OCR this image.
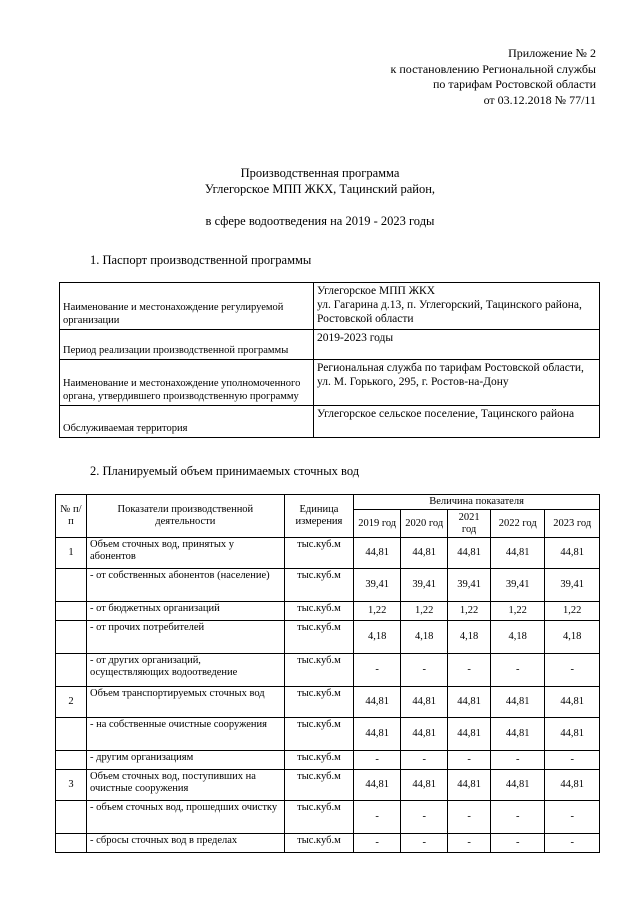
Приложение № 2
к постановлению Региональной службы
по тарифам Ростовской области
от 03.12.2018 № 77/11
Производственная программа
Углегорское МПП ЖКХ, Тацинский район,
в сфере водоотведения на 2019 - 2023 годы
1. Паспорт производственной программы
Наименование и местонахождение регулируемой организации	Углегорское МПП ЖКХ
ул. Гагарина д.13, п. Углегорский, Тацинского района, Ростовской области
Период реализации производственной программы	2019-2023 годы
Наименование и местонахождение уполномоченного органа, утвердившего производственную программу	Региональная служба по тарифам Ростовской области, ул. М. Горького, 295, г. Ростов-на-Дону
Обслуживаемая территория	Углегорское сельское поселение, Тацинского района
2. Планируемый объем принимаемых сточных вод
№ п/п	Показатели производственной деятельности	Единица измерения	Величина показателя				
			2019 год	2020 год	2021 год	2022 год	2023 год
1	Объем сточных вод, принятых у абонентов	тыс.куб.м	44,81	44,81	44,81	44,81	44,81
	- от собственных абонентов (население)	тыс.куб.м	39,41	39,41	39,41	39,41	39,41
	- от бюджетных организаций	тыс.куб.м	1,22	1,22	1,22	1,22	1,22
	- от прочих потребителей	тыс.куб.м	4,18	4,18	4,18	4,18	4,18
	- от других организаций, осуществляющих водоотведение	тыс.куб.м	-	-	-	-	-
2	Объем транспортируемых сточных вод	тыс.куб.м	44,81	44,81	44,81	44,81	44,81
	- на собственные очистные сооружения	тыс.куб.м	44,81	44,81	44,81	44,81	44,81
	- другим организациям	тыс.куб.м	-	-	-	-	-
3	Объем сточных вод, поступивших на очистные сооружения	тыс.куб.м	44,81	44,81	44,81	44,81	44,81
	- объем сточных вод, прошедших очистку	тыс.куб.м	-	-	-	-	-
	- сбросы сточных вод в пределах	тыс.куб.м	-	-	-	-	-
